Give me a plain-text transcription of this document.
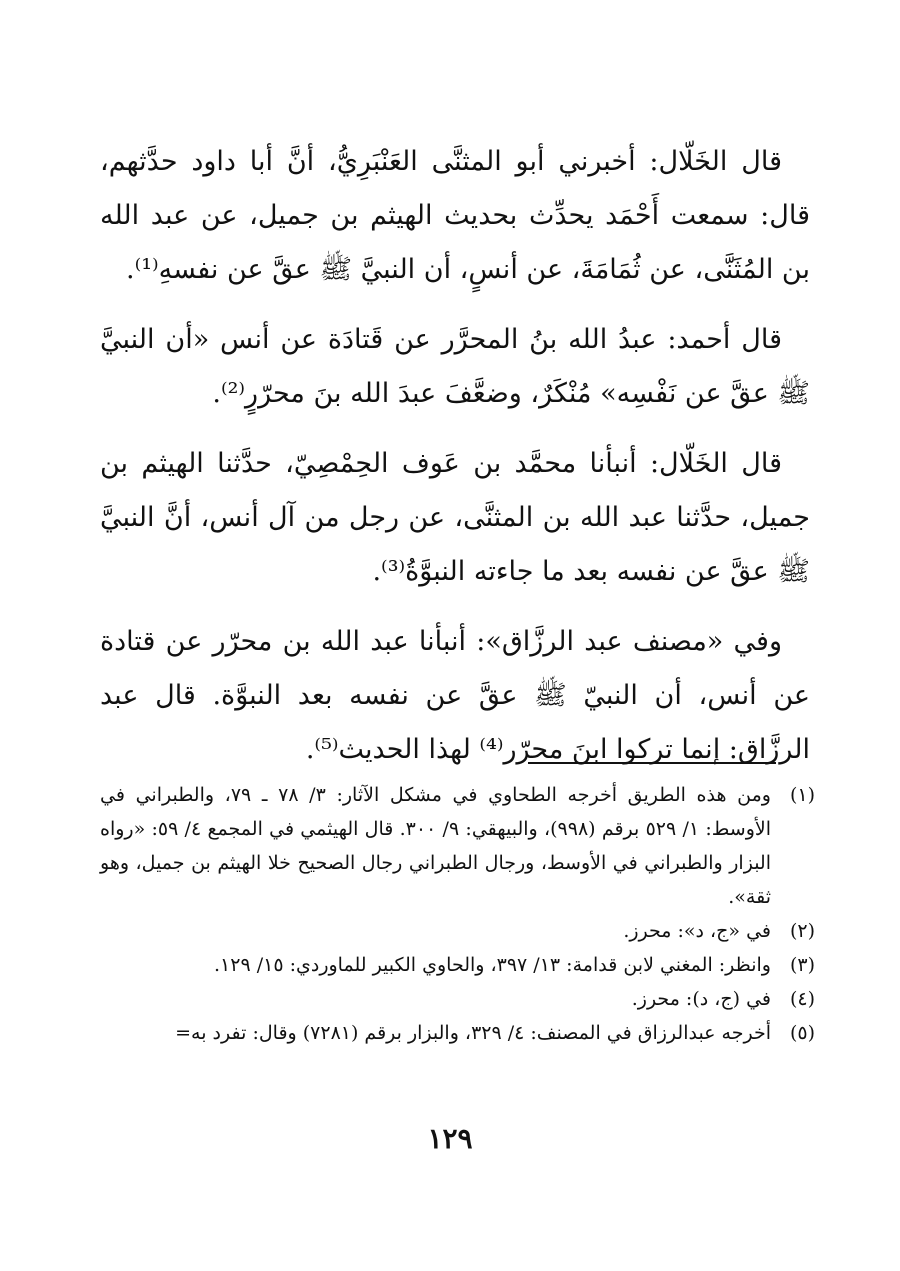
قال الخَلّال: أخبرني أبو المثنَّى العَنْبَرِيُّ، أنَّ أبا داود حدَّثهم، قال: سمعت أَحْمَد يحدِّث بحديث الهيثم بن جميل، عن عبد الله بن المُثَنَّى، عن ثُمَامَةَ، عن أنسٍ، أن النبيَّ ﷺ عقَّ عن نفسهِ⁽¹⁾.

قال أحمد: عبدُ الله بنُ المحرَّر عن قَتادَة عن أنس «أن النبيَّ ﷺ عقَّ عن نَفْسِه» مُنْكَرٌ، وضعَّفَ عبدَ الله بنَ محرّرٍ⁽²⁾.

قال الخَلّال: أنبأنا محمَّد بن عَوف الحِمْصِيّ، حدَّثنا الهيثم بن جميل، حدَّثنا عبد الله بن المثنَّى، عن رجل من آل أنس، أنَّ النبيَّ ﷺ عقَّ عن نفسه بعد ما جاءته النبوَّةُ⁽³⁾.

وفي «مصنف عبد الرزَّاق»: أنبأنا عبد الله بن محرّر عن قتادة عن أنس، أن النبيّ ﷺ عقَّ عن نفسه بعد النبوَّة. قال عبد الرزَّاق: إنما تركوا ابنَ محرّر⁽⁴⁾ لهذا الحديث⁽⁵⁾.

(١)
ومن هذه الطريق أخرجه الطحاوي في مشكل الآثار: ٣/ ٧٨ ـ ٧٩، والطبراني في الأوسط: ١/ ٥٢٩ برقم (٩٩٨)، والبيهقي: ٩/ ٣٠٠. قال الهيثمي في المجمع ٤/ ٥٩: «رواه البزار والطبراني في الأوسط، ورجال الطبراني رجال الصحيح خلا الهيثم بن جميل، وهو ثقة».
(٢)
في «ج، د»: محرز.
(٣)
وانظر: المغني لابن قدامة: ١٣/ ٣٩٧، والحاوي الكبير للماوردي: ١٥/ ١٢٩.
(٤)
في (ج، د): محرز.
(٥)
أخرجه عبدالرزاق في المصنف: ٤/ ٣٢٩، والبزار برقم (٧٢٨١) وقال: تفرد به=
١٢٩
